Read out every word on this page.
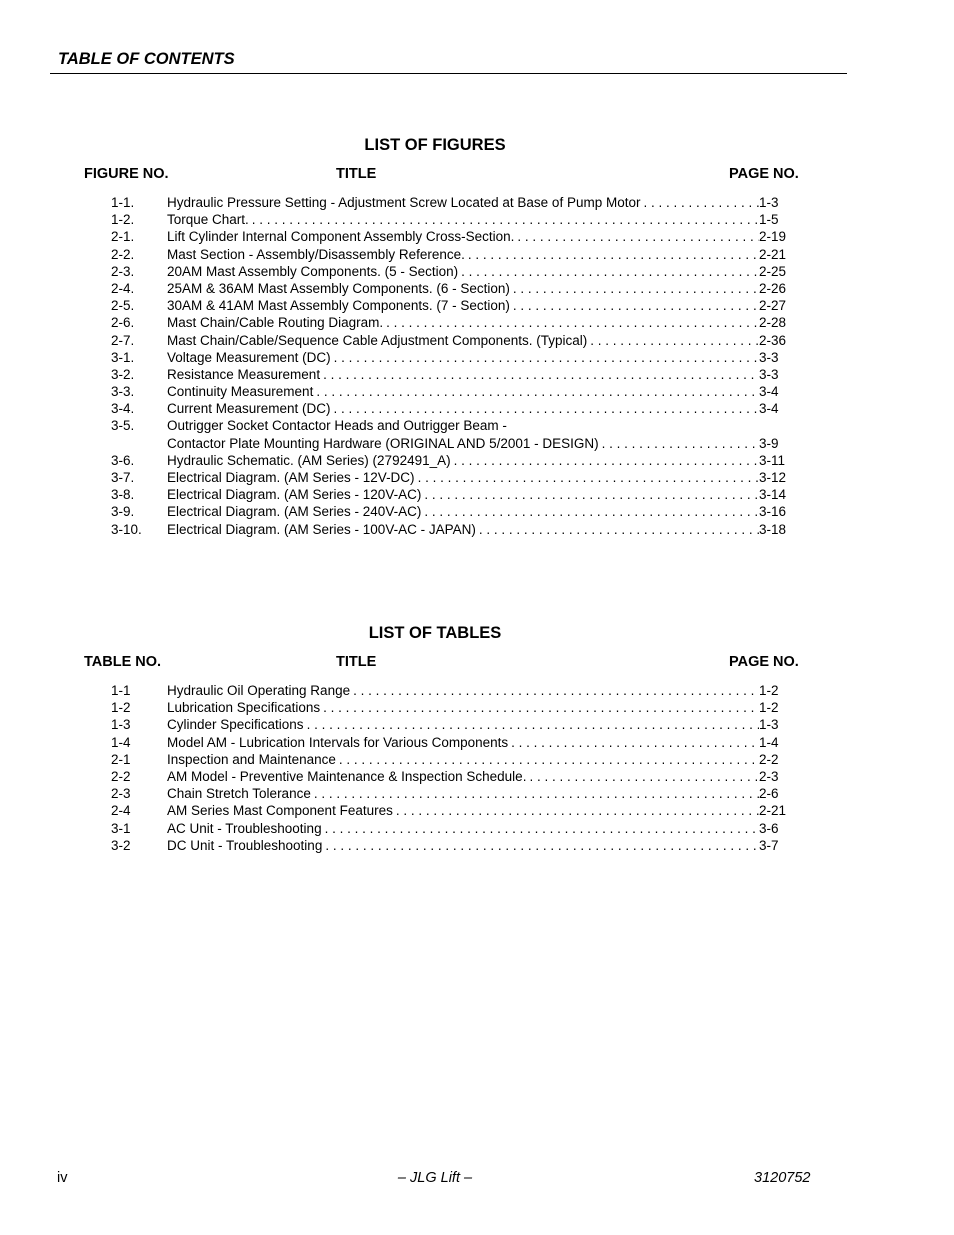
TABLE OF CONTENTS
LIST OF FIGURES
FIGURE NO.	TITLE	PAGE NO.
1-1. Hydraulic Pressure Setting - Adjustment Screw Located at Base of Pump Motor . . .	1-3
1-2. Torque Chart. . . .	1-5
2-1. Lift Cylinder Internal Component Assembly Cross-Section. . . .	2-19
2-2. Mast Section - Assembly/Disassembly Reference. . . .	2-21
2-3. 20AM Mast Assembly Components. (5 - Section) . . .	2-25
2-4. 25AM & 36AM Mast Assembly Components. (6 - Section) . . .	2-26
2-5. 30AM & 41AM Mast Assembly Components. (7 - Section) . . .	2-27
2-6. Mast Chain/Cable Routing Diagram. . . .	2-28
2-7. Mast Chain/Cable/Sequence Cable Adjustment Components. (Typical) . . .	2-36
3-1. Voltage Measurement (DC) . . .	3-3
3-2. Resistance Measurement . . .	3-3
3-3. Continuity Measurement . . .	3-4
3-4. Current Measurement (DC) . . .	3-4
3-5. Outrigger Socket Contactor Heads and Outrigger Beam -
Contactor Plate Mounting Hardware (ORIGINAL AND 5/2001 - DESIGN) . . .	3-9
3-6. Hydraulic Schematic. (AM Series) (2792491_A) . . .	3-11
3-7. Electrical Diagram. (AM Series - 12V-DC) . . .	3-12
3-8. Electrical Diagram. (AM Series - 120V-AC) . . .	3-14
3-9. Electrical Diagram. (AM Series - 240V-AC) . . .	3-16
3-10. Electrical Diagram. (AM Series - 100V-AC - JAPAN) . . .	3-18
LIST OF TABLES
TABLE NO.	TITLE	PAGE NO.
1-1	Hydraulic Oil Operating Range . . .	1-2
1-2	Lubrication Specifications . . .	1-2
1-3	Cylinder Specifications . . .	1-3
1-4	Model AM - Lubrication Intervals for Various Components . . .	1-4
2-1	Inspection and Maintenance . . .	2-2
2-2	AM Model - Preventive Maintenance & Inspection Schedule. . . .	2-3
2-3	Chain Stretch Tolerance . . .	2-6
2-4	AM Series Mast Component Features . . .	2-21
3-1	AC Unit - Troubleshooting . . .	3-6
3-2	DC Unit - Troubleshooting . . .	3-7
iv	– JLG Lift –	3120752
